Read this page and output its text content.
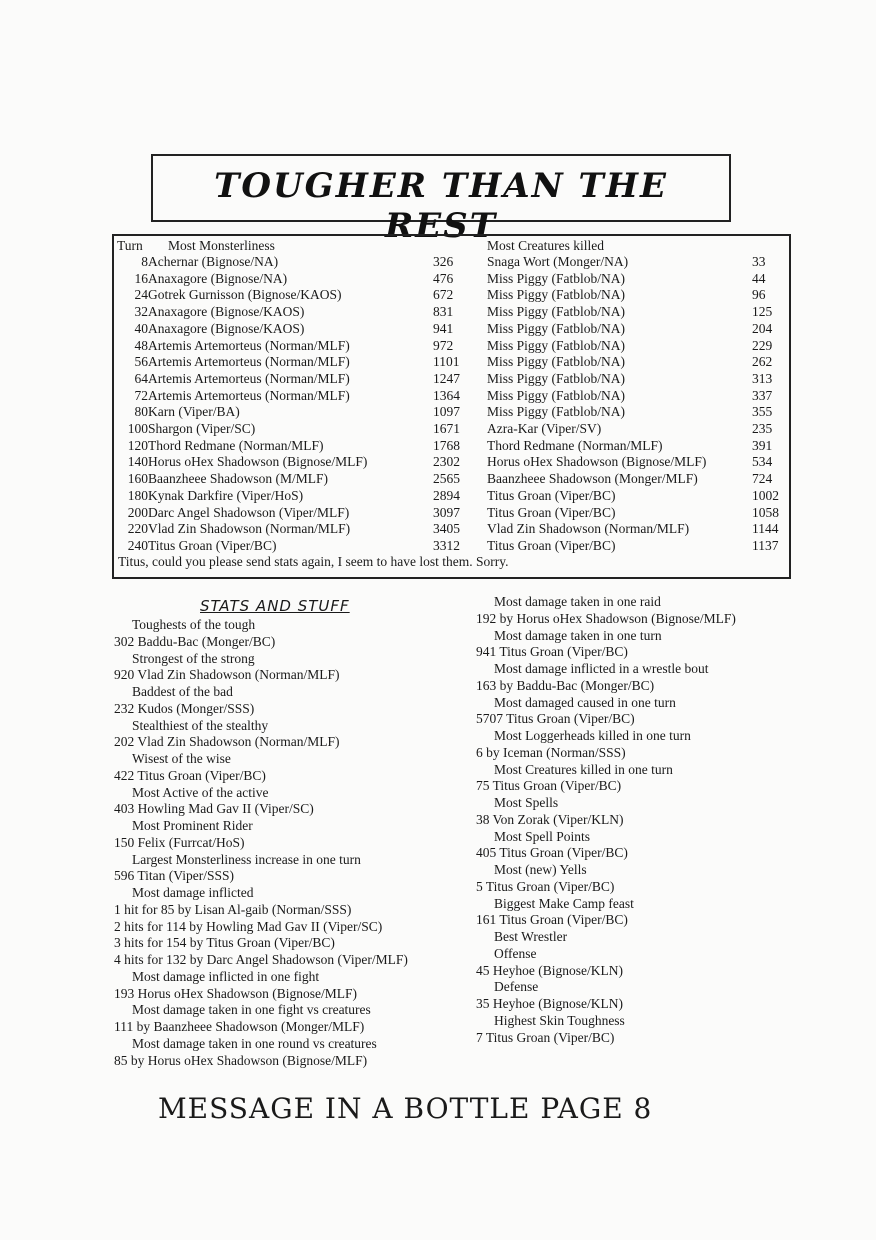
TOUGHER THAN THE REST
Turn Most Monsterliness	Most Creatures killed
8 Achernar (Bignose/NA)	326	Snaga Wort (Monger/NA)	33
16 Anaxagore (Bignose/NA)	476	Miss Piggy (Fatblob/NA)	44
24 Gotrek Gurnisson (Bignose/KAOS)	672	Miss Piggy (Fatblob/NA)	96
32 Anaxagore (Bignose/KAOS)	831	Miss Piggy (Fatblob/NA)	125
40 Anaxagore (Bignose/KAOS)	941	Miss Piggy (Fatblob/NA)	204
48 Artemis Artemorteus (Norman/MLF)	972	Miss Piggy (Fatblob/NA)	229
56 Artemis Artemorteus (Norman/MLF)	1101 Miss Piggy (Fatblob/NA)	262
64 Artemis Artemorteus (Norman/MLF)	1247 Miss Piggy (Fatblob/NA)	313
72 Artemis Artemorteus (Norman/MLF)	1364 Miss Piggy (Fatblob/NA)	337
80 Karn (Viper/BA)	1097 Miss Piggy (Fatblob/NA)	355
100 Shargon (Viper/SC)	1671 Azra-Kar (Viper/SV)	235
120 Thord Redmane (Norman/MLF)	1768 Thord Redmane (Norman/MLF)	391
140 Horus oHex Shadowson (Bignose/MLF)	2302 Horus oHex Shadowson (Bignose/MLF)	534
160 Baanzheee Shadowson (M/MLF)	2565 Baanzheee Shadowson (Monger/MLF)	724
180 Kynak Darkfire (Viper/HoS)	2894 Titus Groan (Viper/BC)	1002
200 Darc Angel Shadowson (Viper/MLF)	3097 Titus Groan (Viper/BC)	1058
220 Vlad Zin Shadowson (Norman/MLF)	3405 Vlad Zin Shadowson (Norman/MLF)	1144
240 Titus Groan (Viper/BC)	3312 Titus Groan (Viper/BC)	1137
Titus, could you please send stats again, I seem to have lost them. Sorry.
STATS AND STUFF
Toughests of the tough
302 Baddu-Bac (Monger/BC)
Strongest of the strong
920 Vlad Zin Shadowson (Norman/MLF)
Baddest of the bad
232 Kudos (Monger/SSS)
Stealthiest of the stealthy
202 Vlad Zin Shadowson (Norman/MLF)
Wisest of the wise
422 Titus Groan (Viper/BC)
Most Active of the active
403 Howling Mad Gav II (Viper/SC)
Most Prominent Rider
150 Felix (Furrcat/HoS)
Largest Monsterliness increase in one turn
596 Titan (Viper/SSS)
Most damage inflicted
1 hit for 85 by Lisan Al-gaib (Norman/SSS)
2 hits for 114 by Howling Mad Gav II (Viper/SC)
3 hits for 154 by Titus Groan (Viper/BC)
4 hits for 132 by Darc Angel Shadowson (Viper/MLF)
Most damage inflicted in one fight
193 Horus oHex Shadowson (Bignose/MLF)
Most damage taken in one fight vs creatures
111 by Baanzheee Shadowson (Monger/MLF)
Most damage taken in one round vs creatures
85 by Horus oHex Shadowson (Bignose/MLF)
Most damage taken in one raid
192 by Horus oHex Shadowson (Bignose/MLF)
Most damage taken in one turn
941 Titus Groan (Viper/BC)
Most damage inflicted in a wrestle bout
163 by Baddu-Bac (Monger/BC)
Most damaged caused in one turn
5707 Titus Groan (Viper/BC)
Most Loggerheads killed in one turn
6 by Iceman (Norman/SSS)
Most Creatures killed in one turn
75 Titus Groan (Viper/BC)
Most Spells
38 Von Zorak (Viper/KLN)
Most Spell Points
405 Titus Groan (Viper/BC)
Most (new) Yells
5 Titus Groan (Viper/BC)
Biggest Make Camp feast
161 Titus Groan (Viper/BC)
Best Wrestler
Offense
45 Heyhoe (Bignose/KLN)
Defense
35 Heyhoe (Bignose/KLN)
Highest Skin Toughness
7 Titus Groan (Viper/BC)
MESSAGE IN A BOTTLE PAGE 8
